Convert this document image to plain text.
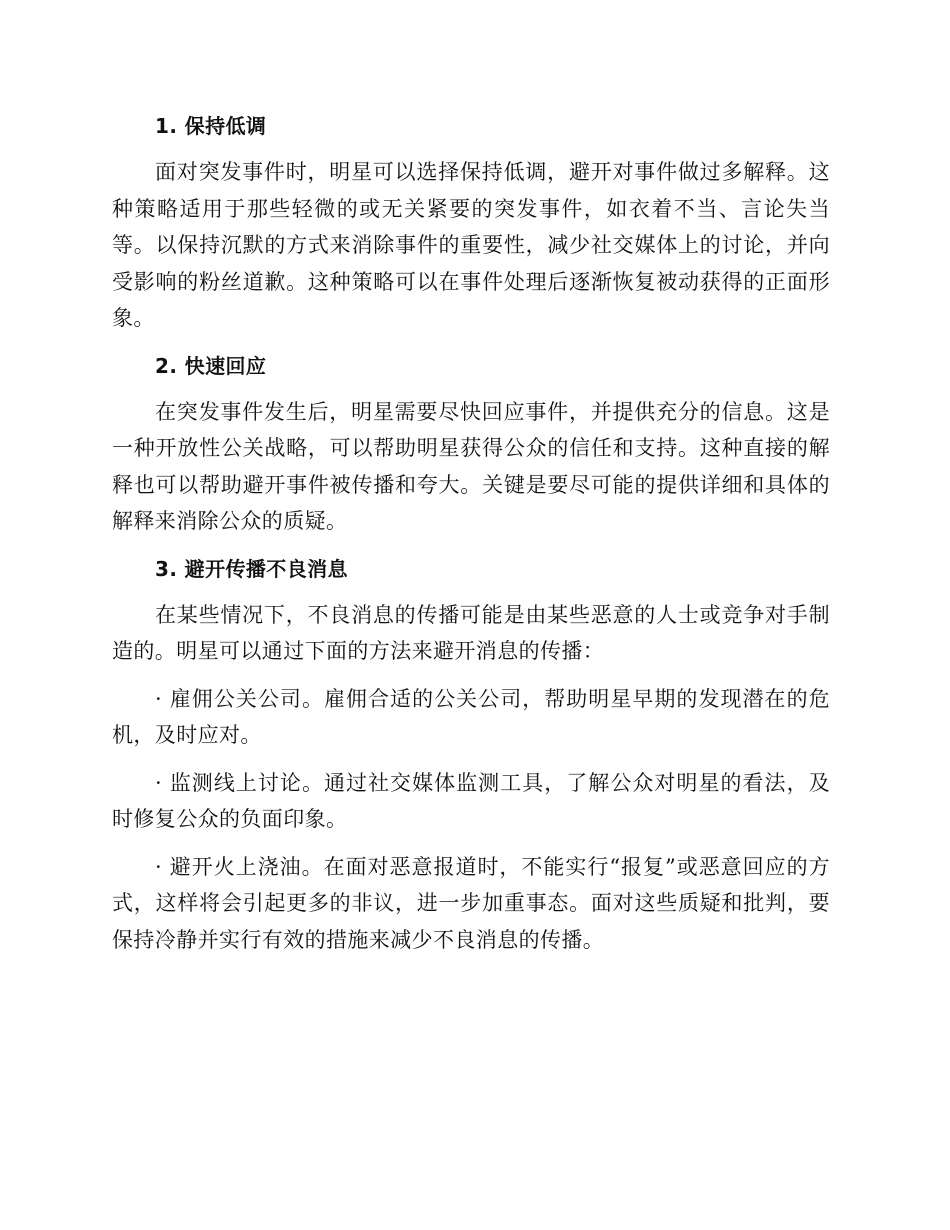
1. 保持低调

面对突发事件时，明星可以选择保持低调，避开对事件做过多解释。这种策略适用于那些轻微的或无关紧要的突发事件，如衣着不当、言论失当等。以保持沉默的方式来消除事件的重要性，减少社交媒体上的讨论，并向受影响的粉丝道歉。这种策略可以在事件处理后逐渐恢复被动获得的正面形象。

2. 快速回应

在突发事件发生后，明星需要尽快回应事件，并提供充分的信息。这是一种开放性公关战略，可以帮助明星获得公众的信任和支持。这种直接的解释也可以帮助避开事件被传播和夸大。关键是要尽可能的提供详细和具体的解释来消除公众的质疑。

3. 避开传播不良消息

在某些情况下，不良消息的传播可能是由某些恶意的人士或竞争对手制造的。明星可以通过下面的方法来避开消息的传播：

· 雇佣公关公司。雇佣合适的公关公司，帮助明星早期的发现潜在的危机，及时应对。

· 监测线上讨论。通过社交媒体监测工具，了解公众对明星的看法，及时修复公众的负面印象。

· 避开火上浇油。在面对恶意报道时，不能实行“报复”或恶意回应的方式，这样将会引起更多的非议，进一步加重事态。面对这些质疑和批判，要保持冷静并实行有效的措施来减少不良消息的传播。
